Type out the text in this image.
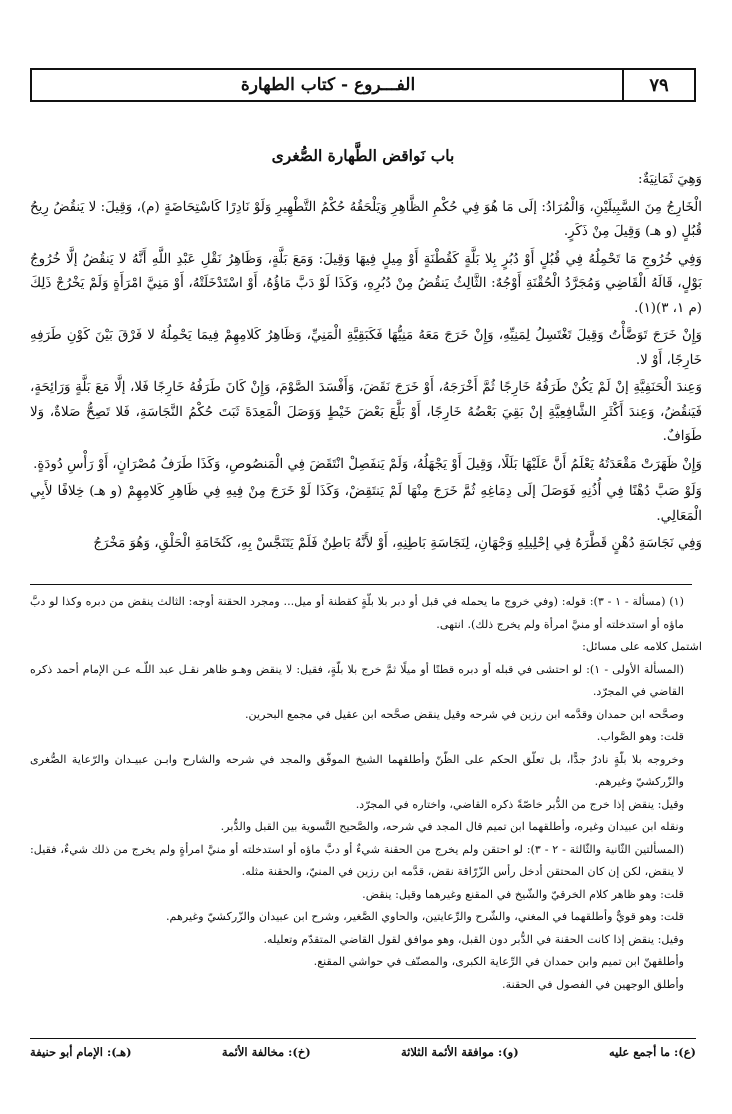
٧٩
الفـــروع - كتاب الطهارة
باب نَواقض الطَّهارة الصُّغرى

وَهِيَ ثَمَانِيَةٌ:

الْخَارِجُ مِنَ السَّبِيلَيْنِ، وَالْمُرَادُ: إلَى مَا هُوَ فِي حُكْمِ الظَّاهِرِ وَيَلْحَقُهُ حُكْمُ التَّطْهِيرِ وَلَوْ نَادِرًا كَاسْتِحَاضَةٍ (م)، وَقِيلَ: لا يَنقُضُ رِيحُ قُبُلٍ (و هـ) وَقِيلَ مِنْ ذَكَرٍ.

وَفِي خُرُوجِ مَا تَحْمِلُهُ فِي قُبُلٍ أَوْ دُبُرٍ بِلا بَلَّةٍ كَقُطْنَةٍ أَوْ مِيلٍ فِيهَا وَقِيلَ: وَمَعَ بَلَّةٍ، وَظَاهِرُ نَقْلِ عَبْدِ اللَّهِ أَنَّهُ لا يَنقُضُ إلَّا خُرُوجُ بَوْلٍ، قَالَهُ الْقَاضِي وَمُجَرَّدُ الْحُقْنَةِ أَوْجُهٌ: الثَّالِثُ يَنقُضُ مِنْ دُبُرِهِ، وَكَذَا لَوْ دَبَّ مَاؤُهُ، أَوْ اسْتَدْخَلَتْهُ، أَوْ مَنِيَّ امْرَأَةٍ وَلَمْ يَخْرُجْ ذَلِكَ (م ١، ٣)(١).

وَإِنْ خَرَجَ تَوَضَّأْتُ وَقِيلَ تَغْتَسِلُ لِمَنِيِّهِ، وَإِنْ خَرَجَ مَعَهُ مَنِيُّهَا فَكَبَقِيَّةِ الْمَنِيِّ، وَظَاهِرُ كَلامِهِمْ فِيمَا يَحْمِلُهُ لا فَرْقَ بَيْنَ كَوْنِ طَرَفِهِ خَارِجًا، أَوْ لا.

وَعِندَ الْحَنَفِيَّةِ إنْ لَمْ يَكُنْ طَرَفُهُ خَارِجًا ثُمَّ أَخْرَجَهُ، أَوْ خَرَجَ نَقَضَ، وَأَفْسَدَ الصَّوْمَ، وَإِنْ كَانَ طَرَفُهُ خَارِجًا فَلا، إلَّا مَعَ بَلَّةٍ وَرَائِحَةٍ، فَيَنقُضُ، وَعِندَ أَكْثَرِ الشَّافِعِيَّةِ إنْ بَقِيَ بَعْضُهُ خَارِجًا، أَوْ بَلَّعَ بَعْضَ خَيْطٍ وَوَصَلَ الْمَعِدَةَ ثَبَتَ حُكْمُ النَّجَاسَةِ، فَلا تَصِحُّ صَلاةٌ، وَلا طَوَافٌ.

وَإِنْ ظَهَرَتْ مَقْعَدَتُهُ يَعْلَمُ أَنَّ عَلَيْهَا بَلَلًا، وَقِيلَ أَوْ يَجْهَلُهُ، وَلَمْ يَنفَصِلْ انْتَقَضَ فِي الْمَنصُوصِ، وَكَذَا طَرَفُ مُصْرَانٍ، أَوْ رَأْسِ دُودَةٍ.

وَلَوْ صَبَّ دُهْنًا فِي أُذُنِهِ فَوَصَلَ إلَى دِمَاغِهِ ثُمَّ خَرَجَ مِنْهَا لَمْ يَنتَقِضْ، وَكَذَا لَوْ خَرَجَ مِنْ فِيهِ فِي ظَاهِرِ كَلامِهِمْ (و هـ) خِلافًا لأَبِي الْمَعَالِي.

وَفِي نَجَاسَةِ دُهْنٍ قَطَّرَهُ فِي إحْلِيلِهِ وَجْهَانِ، لِنَجَاسَةِ بَاطِنِهِ، أَوْ لأَنَّهُ بَاطِنٌ فَلَمْ يَتَنَجَّسْ بِهِ، كَنُخَامَةِ الْحَلْقِ، وَهُوَ مَخْرَجُ

(١) (مسألة - ١ - ٣): قوله: (وفي خروج ما يحمله في قبل أو دبر بلا بلّةٍ كقطنة أو ميل... ومجرد الحقنة أوجه: الثالث ينقض من دبره وكذا لو دبَّ ماؤه أو استدخلته أو منيَّ امرأة ولم يخرج ذلك). انتهى.

اشتمل كلامه على مسائل:

(المسألة الأولى - ١): لو احتشى في قبله أو دبره قطنًا أو ميلًا ثمَّ خرج بلا بلّةٍ، فقيل: لا ينقض وهـو ظاهر نقـل عبد اللّـه عـن الإمام أحمد ذكره القاضي في المجرّد.

وصحَّحه ابن حمدان وقدَّمه ابن رزين في شرحه وقيل ينقض صحَّحه ابن عقيل في مجمع البحرين.

قلت: وهو الصَّواب.

وخروجه بلا بلّةٍ نادرٌ جدًّا، بل تعلّق الحكم على الظّنّ وأطلقهما الشيخ الموفّق والمجد في شرحه والشارح وابـن عبيـدان والرّعاية الصُّغرى والزّركشيّ وغيرهم.

وقيل: ينقض إذا خرج من الدُّبر خاصّةً ذكره القاضي، واختاره في المجرّد.

ونقله ابن عبيدان وغيره، وأطلقهما ابن تميم قال المجد في شرحه، والصَّحيح التَّسوية بين القبل والدُّبر.

(المسألتين الثّانية والثّالثة - ٢ - ٣): لو احتقن ولم يخرج من الحقنة شيءٌ أو دبَّ ماؤه أو استدخلته أو منيَّ امرأةٍ ولم يخرج من ذلك شيءٌ، فقيل: لا ينقض، لكن إن كان المحتقن أدخل رأس الزّرّاقة نقض، قدَّمه ابن رزين في المنيّ، والحقنة مثله.

قلت: وهو ظاهر كلام الخرقيّ والشّيخ في المقنع وغيرهما وقيل: ينقض.

قلت: وهو قويٌّ وأطلقهما في المغني، والشّرح والرِّعايتين، والحاوي الصَّغير، وشرح ابن عبيدان والزّركشيّ وغيرهم.

وقيل: ينقض إذا كانت الحقنة في الدُّبر دون القبل، وهو موافق لقول القاضي المتقدّم وتعليله.

وأطلقهنّ ابن تميم وابن حمدان في الرِّعاية الكبرى، والمصنّف في حواشي المقنع.

وأطلق الوجهين في الفصول في الحقنة.

(ع): ما أجمع عليه
(و): موافقة الأئمة الثلاثة
(خ): مخالفة الأئمة
(هـ): الإمام أبو حنيفة
